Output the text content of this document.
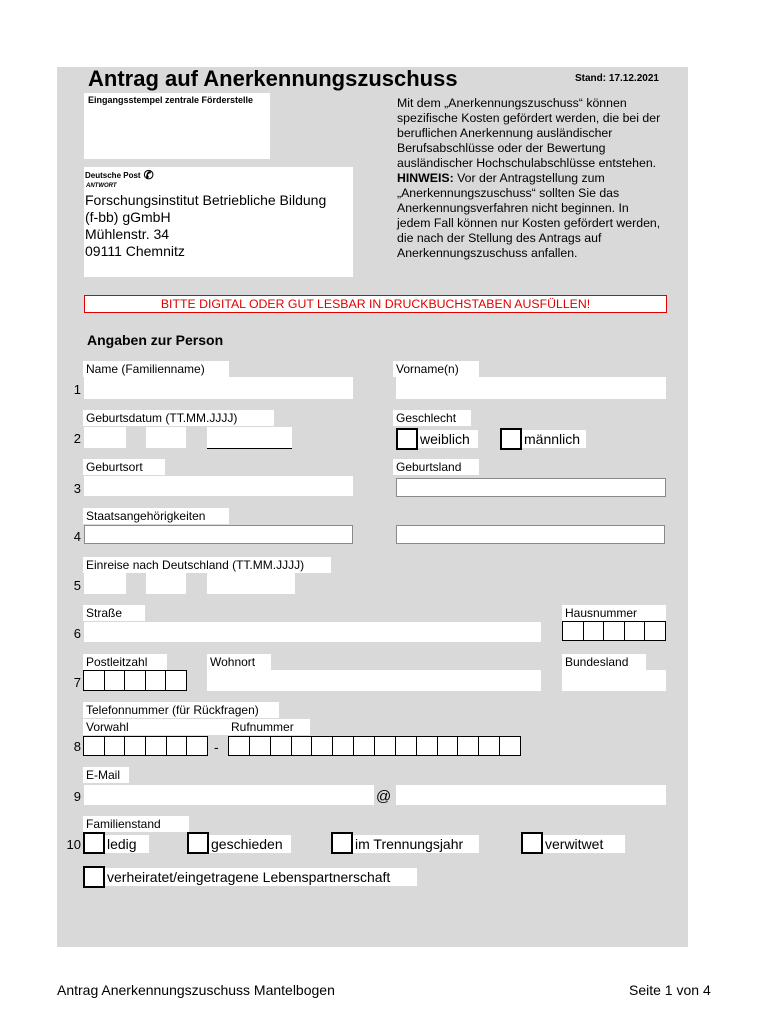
Antrag auf Anerkennungszuschuss	Stand: 17.12.2021
Eingangsstempel zentrale Förderstelle
Deutsche Post ✆
ANTWORT
Forschungsinstitut Betriebliche Bildung
(f-bb) gGmbH
Mühlenstr. 34
09111 Chemnitz
Mit dem „Anerkennungszuschuss“ können spezifische Kosten gefördert werden, die bei der beruflichen Anerkennung ausländischer Berufsabschlüsse oder der Bewertung ausländischer Hochschulabschlüsse entstehen.
HINWEIS: Vor der Antragstellung zum „Anerkennungszuschuss“ sollten Sie das Anerkennungsverfahren nicht beginnen. In jedem Fall können nur Kosten gefördert werden, die nach der Stellung des Antrags auf Anerkennungszuschuss anfallen.
BITTE DIGITAL ODER GUT LESBAR IN DRUCKBUCHSTABEN AUSFÜLLEN!
Angaben zur Person
Name (Familienname)	Vorname(n)
1
Geburtsdatum (TT.MM.JJJJ)	Geschlecht
2	weiblich	männlich
Geburtsort	Geburtsland
3
Staatsangehörigkeiten
4
Einreise nach Deutschland (TT.MM.JJJJ)
5
Straße	Hausnummer
6
Postleitzahl	Wohnort	Bundesland
7
Telefonnummer (für Rückfragen)
Vorwahl	Rufnummer
8	-
E-Mail
9	@
Familienstand
10 ledig	geschieden	im Trennungsjahr	verwitwet
verheiratet/eingetragene Lebenspartnerschaft
Antrag Anerkennungszuschuss Mantelbogen	Seite 1 von 4
